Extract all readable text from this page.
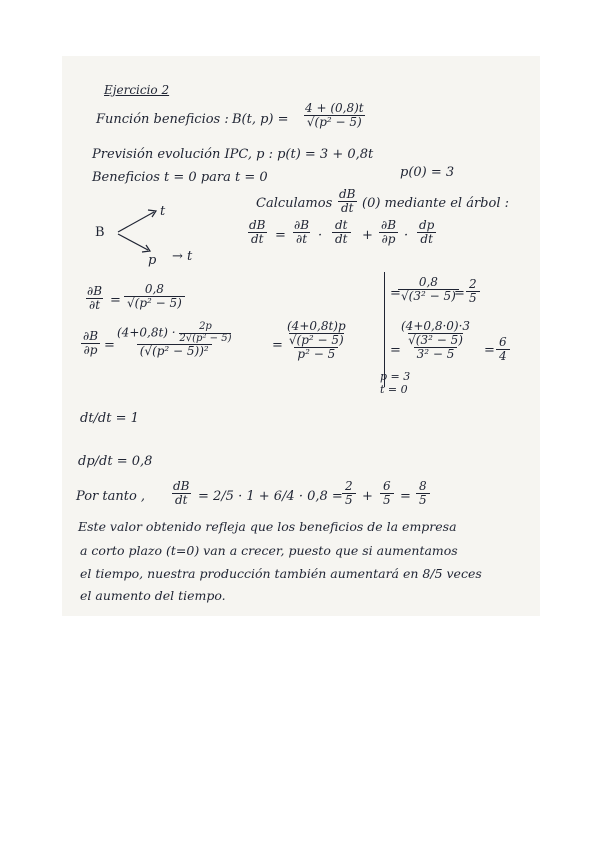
Ejercicio 2
Función beneficios : B(t, $p) = \frac{4 + (0,8)t}{\text{√(p² − 5)}}$
Previsión evolución IPC, p : p(t) = 3 + 0,8t
Beneficios t = 0 para t = 0	p(0) = 3
Calculamos $\frac{dB}{dt} (0)$ mediante el árbol :
B
t
p → t
$\frac{dB}{dt} = \frac{\partial B}{\partial t} \cdot \frac{dt}{dt} + \frac{\partial B}{\partial p} \cdot \frac{dp}{dt}$
$\frac{\partial B}{\partial t} = \frac{0,8}{\text{√(p² − 5)}}$	=
$\frac{0,8}{\text{√(3² − 5)}}$
= $\frac{2}{5}$
$\frac{\partial B}{\partial p} = \frac{(4+0,8t) \cdot \frac{2p}{\text{2√(p² − 5)}}}{\text{(√(p² − 5))²}}$	= $\frac{\frac{(4+0,8t)p}{\text{√(p² − 5)}}}{\text{p² − 5}}$	=
$\frac{\frac{(4+0,8\cdot 0)\cdot 3}{\text{√(3² − 5)}}}{\text{3² − 5}} = \frac{6}{4}$
p = 3
t = 0
dt/dt = 1
dp/dt = 0,8
Por tanto , $\frac{dB}{dt} = 2/5 \cdot 1 + 6/4 \cdot 0,8 = \frac{2}{5} + \frac{6}{5} = \frac{8}{5}$
Este valor obtenido refleja que los beneficios de la empresa
a corto plazo (t=0) van a crecer, puesto que si aumentamos
el tiempo, nuestra producción también aumentará en 8/5 veces
el aumento del tiempo.
